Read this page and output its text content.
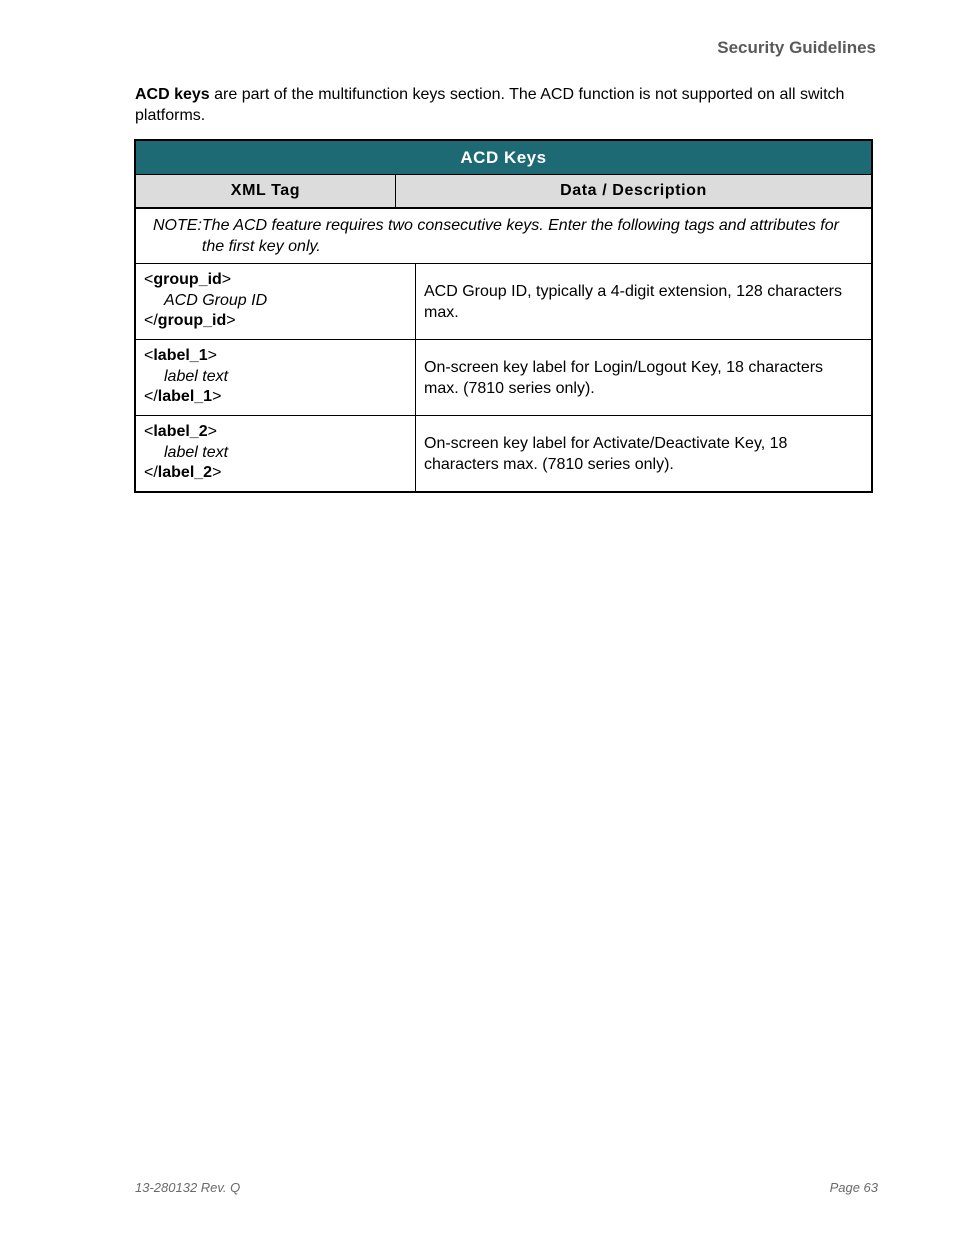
Security Guidelines
ACD keys are part of the multifunction keys section. The ACD function is not supported on all switch platforms.
ACD Keys
XML Tag	Data / Description
NOTE: The ACD feature requires two consecutive keys. Enter the following tags and attributes for the first key only.
<group_id>
ACD Group ID
</group_id>
ACD Group ID, typically a 4-digit extension, 128 characters max.
<label_1>
label text
</label_1>
On-screen key label for Login/Logout Key, 18 characters max. (7810 series only).
<label_2>
label text
</label_2>
On-screen key label for Activate/Deactivate Key, 18 characters max. (7810 series only).
13-280132 Rev. Q	Page 63
